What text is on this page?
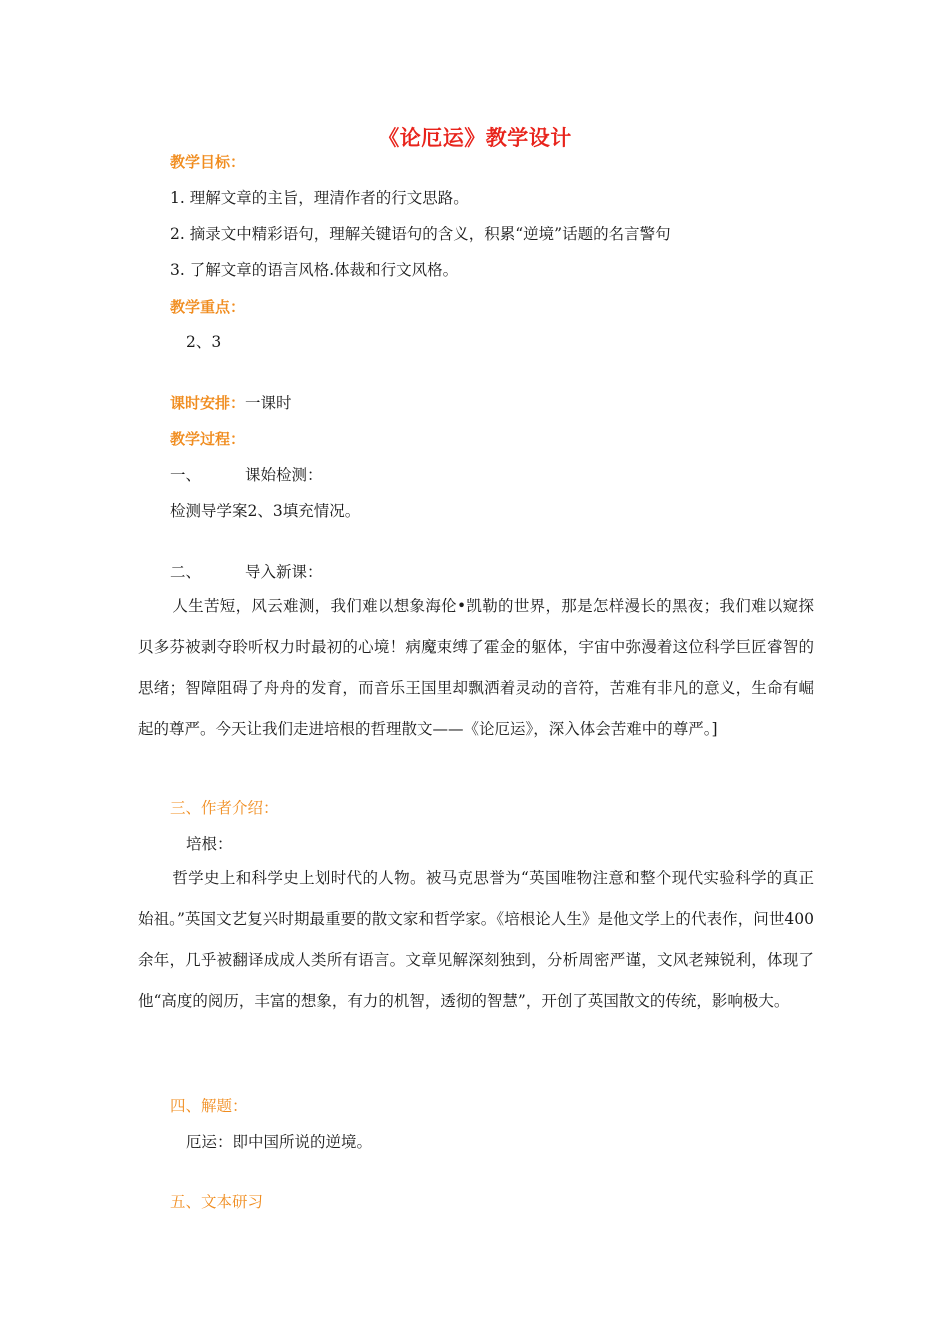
《论厄运》教学设计
教学目标：
1. 理解文章的主旨，理清作者的行文思路。
2. 摘录文中精彩语句，理解关键语句的含义，积累“逆境”话题的名言警句
3. 了解文章的语言风格.体裁和行文风格。
教学重点：
2、3
课时安排：一课时
教学过程：
一、	课始检测：
检测导学案2、3填充情况。
二、	导入新课：
人生苦短，风云难测，我们难以想象海伦•凯勒的世界，那是怎样漫长的黑夜；我们难以窥探贝多芬被剥夺聆听权力时最初的心境！病魔束缚了霍金的躯体，宇宙中弥漫着这位科学巨匠睿智的思绪；智障阻碍了舟舟的发育，而音乐王国里却飘洒着灵动的音符，苦难有非凡的意义，生命有崛起的尊严。今天让我们走进培根的哲理散文——《论厄运》，深入体会苦难中的尊严。]
三、作者介绍：
培根：
哲学史上和科学史上划时代的人物。被马克思誉为“英国唯物注意和整个现代实验科学的真正始祖。”英国文艺复兴时期最重要的散文家和哲学家。《培根论人生》是他文学上的代表作，问世400余年，几乎被翻译成成人类所有语言。文章见解深刻独到，分析周密严谨，文风老辣锐利，体现了他“高度的阅历，丰富的想象，有力的机智，透彻的智慧”，开创了英国散文的传统，影响极大。
四、解题：
厄运：即中国所说的逆境。
五、文本研习
